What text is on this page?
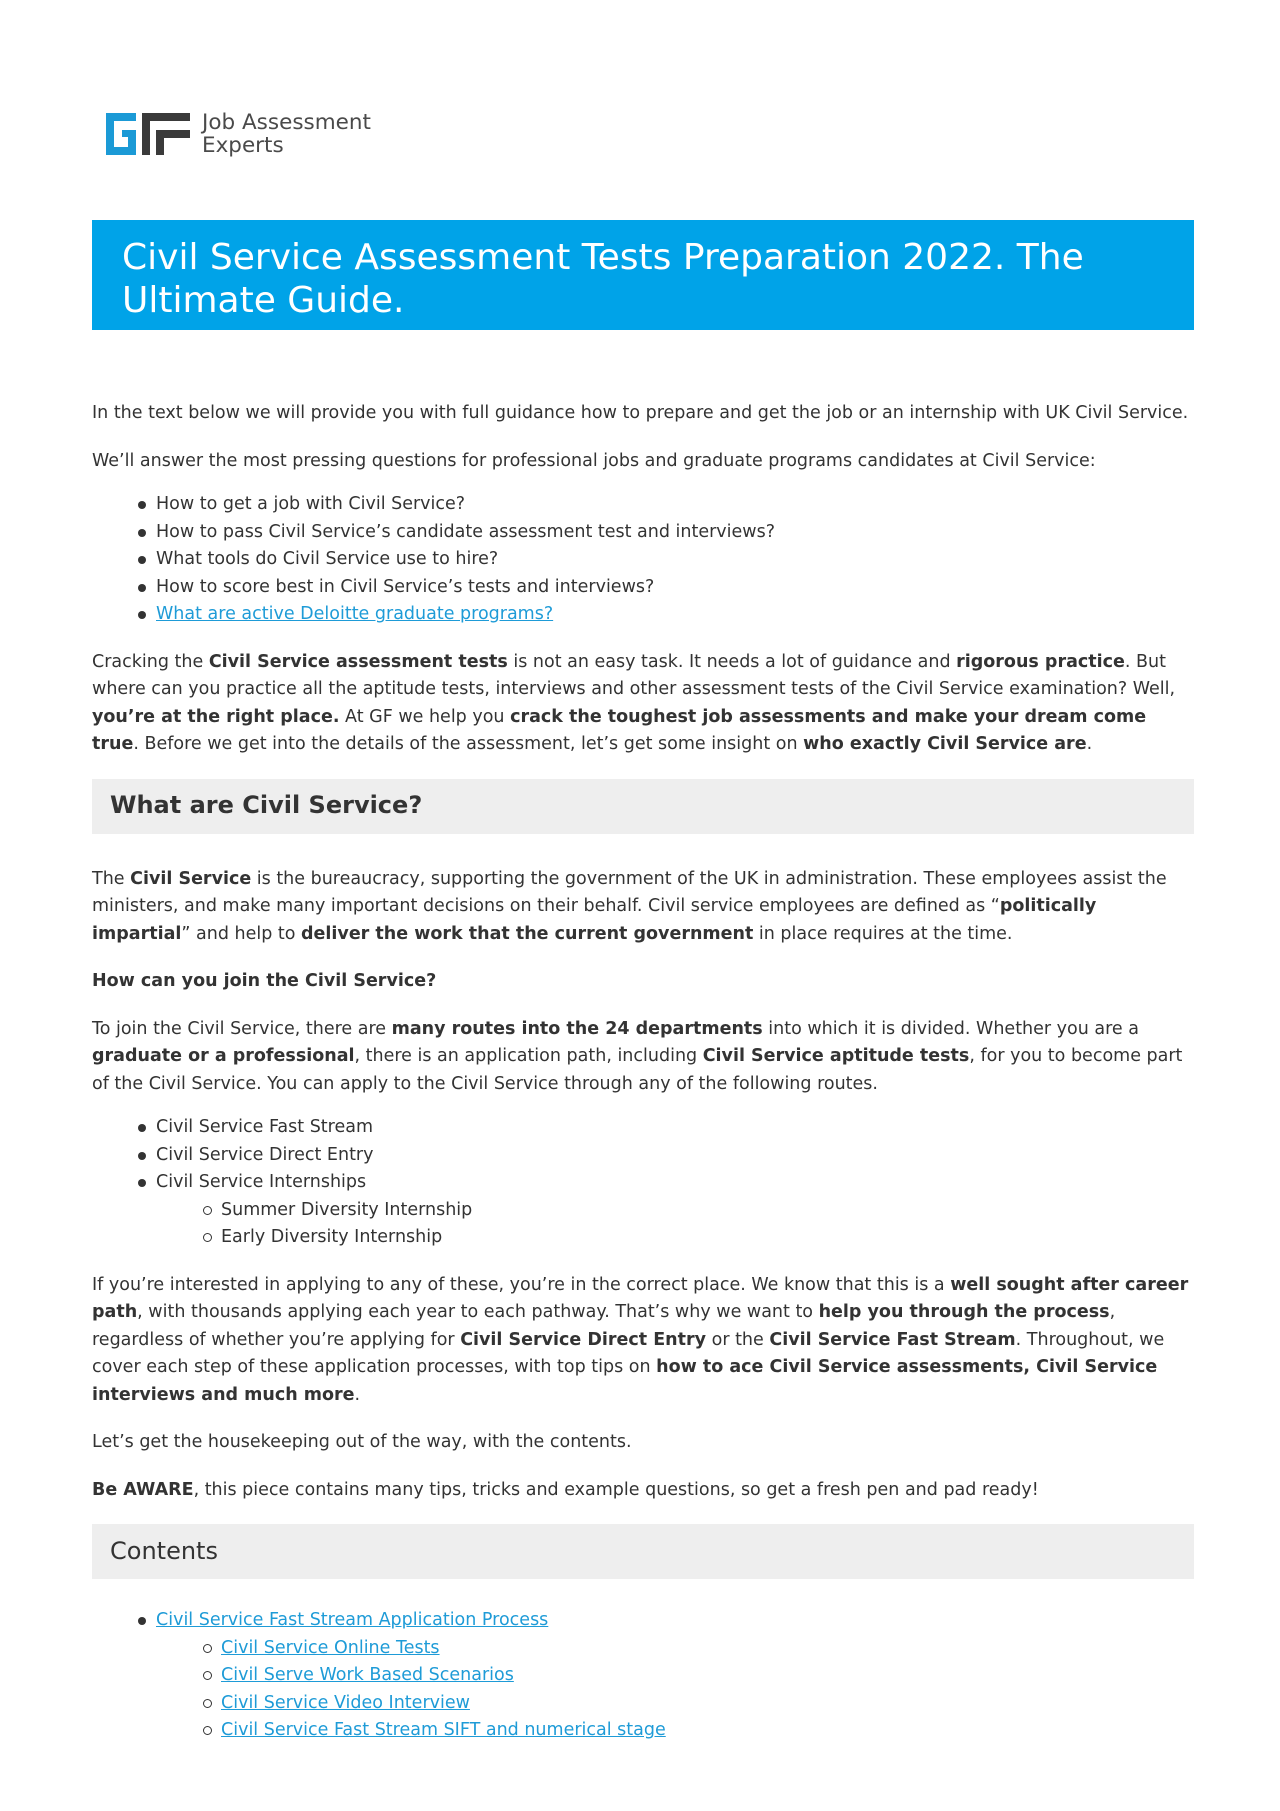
Job Assessment
Experts
Civil Service Assessment Tests Preparation 2022. The Ultimate Guide.

In the text below we will provide you with full guidance how to prepare and get the job or an internship with UK Civil Service.

We’ll answer the most pressing questions for professional jobs and graduate programs candidates at Civil Service:

How to get a job with Civil Service?
How to pass Civil Service’s candidate assessment test and interviews?
What tools do Civil Service use to hire?
How to score best in Civil Service’s tests and interviews?
What are active Deloitte graduate programs?

Cracking the Civil Service assessment tests is not an easy task. It needs a lot of guidance and rigorous practice. But where can you practice all the aptitude tests, interviews and other assessment tests of the Civil Service examination? Well, you’re at the right place. At GF we help you crack the toughest job assessments and make your dream come true. Before we get into the details of the assessment, let’s get some insight on who exactly Civil Service are.

What are Civil Service?

The Civil Service is the bureaucracy, supporting the government of the UK in administration. These employees assist the ministers, and make many important decisions on their behalf. Civil service employees are defined as “politically impartial” and help to deliver the work that the current government in place requires at the time.

How can you join the Civil Service?

To join the Civil Service, there are many routes into the 24 departments into which it is divided. Whether you are a graduate or a professional, there is an application path, including Civil Service aptitude tests, for you to become part of the Civil Service. You can apply to the Civil Service through any of the following routes.

Civil Service Fast Stream
Civil Service Direct Entry
Civil Service Internships
Summer Diversity Internship
Early Diversity Internship

If you’re interested in applying to any of these, you’re in the correct place. We know that this is a well sought after career path, with thousands applying each year to each pathway. That’s why we want to help you through the process, regardless of whether you’re applying for Civil Service Direct Entry or the Civil Service Fast Stream. Throughout, we cover each step of these application processes, with top tips on how to ace Civil Service assessments, Civil Service interviews and much more.

Let’s get the housekeeping out of the way, with the contents.

Be AWARE, this piece contains many tips, tricks and example questions, so get a fresh pen and pad ready!

Contents
Civil Service Fast Stream Application Process
Civil Service Online Tests
Civil Serve Work Based Scenarios
Civil Service Video Interview
Civil Service Fast Stream SIFT and numerical stage
